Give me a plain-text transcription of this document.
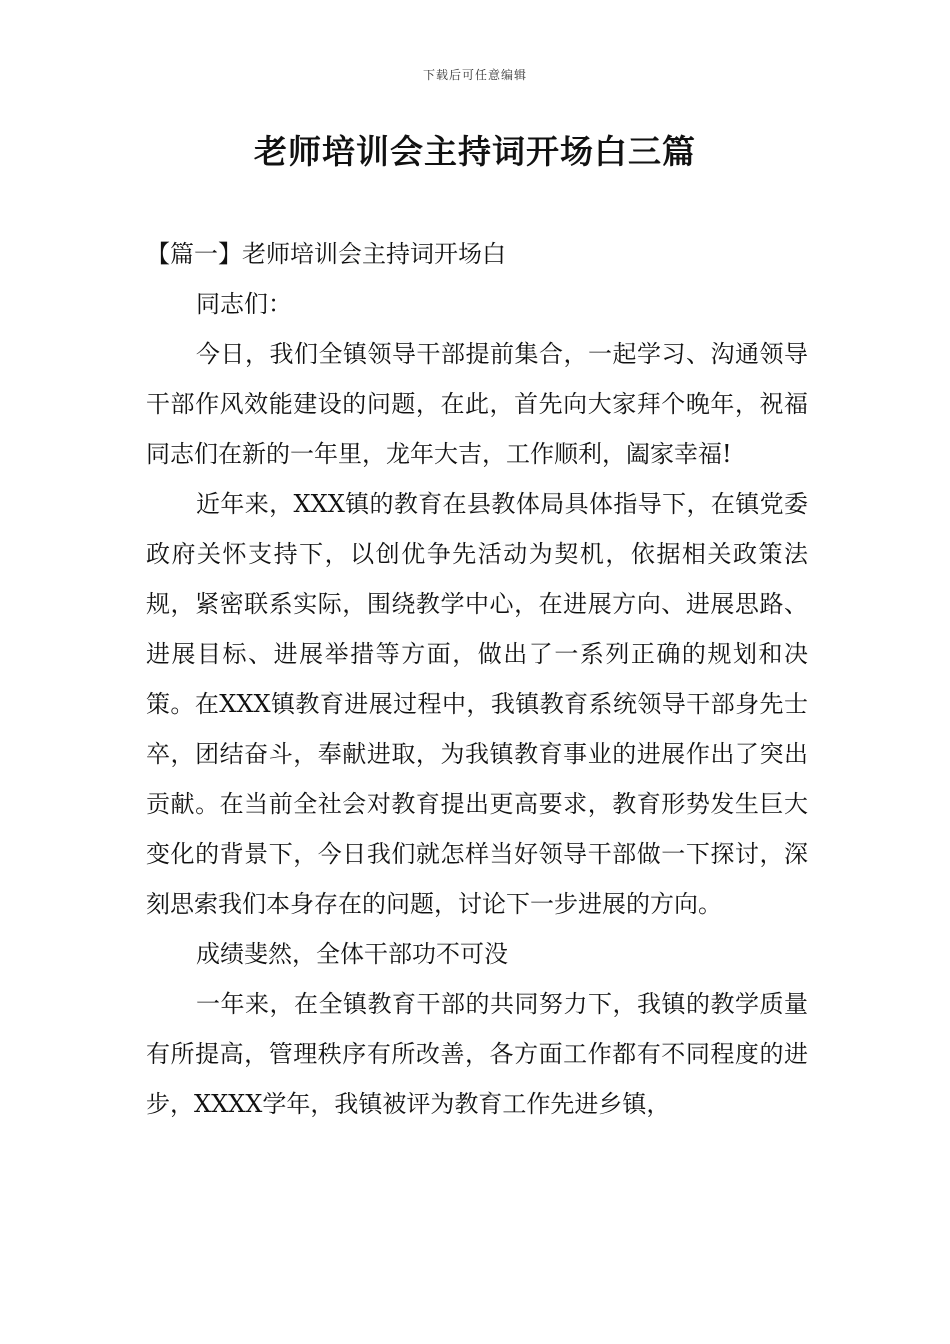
下载后可任意编辑
老师培训会主持词开场白三篇

【篇一】老师培训会主持词开场白

同志们：

今日，我们全镇领导干部提前集合，一起学习、沟通领导干部作风效能建设的问题，在此，首先向大家拜个晚年，祝福同志们在新的一年里，龙年大吉，工作顺利，阖家幸福!

近年来，XXX镇的教育在县教体局具体指导下，在镇党委政府关怀支持下，以创优争先活动为契机，依据相关政策法规，紧密联系实际，围绕教学中心，在进展方向、进展思路、进展目标、进展举措等方面，做出了一系列正确的规划和决策。在XXX镇教育进展过程中，我镇教育系统领导干部身先士卒，团结奋斗，奉献进取，为我镇教育事业的进展作出了突出贡献。在当前全社会对教育提出更高要求，教育形势发生巨大变化的背景下，今日我们就怎样当好领导干部做一下探讨，深刻思索我们本身存在的问题，讨论下一步进展的方向。

成绩斐然，全体干部功不可没

一年来，在全镇教育干部的共同努力下，我镇的教学质量有所提高，管理秩序有所改善，各方面工作都有不同程度的进步，XXXX学年，我镇被评为教育工作先进乡镇，
